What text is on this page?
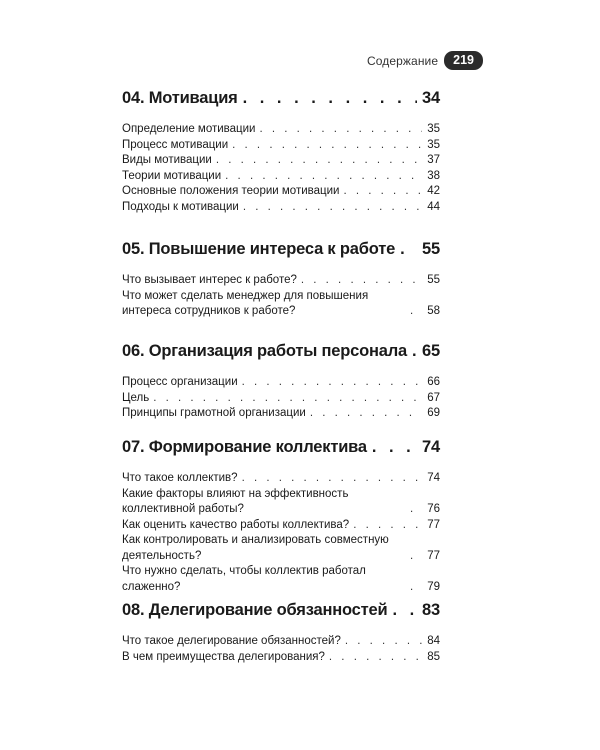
Содержание	219
04. Мотивация . . .	34
Определение мотивации . . .	35
Процесс мотивации . . .	35
Виды мотивации . . .	37
Теории мотивации . . .	38
Основные положения теории мотивации . . .	42
Подходы к мотивации . . .	44
05. Повышение интереса к работе . . . 55
Что вызывает интерес к работе? . . .	55
Что может сделать менеджер для повышения интереса сотрудников к работе? . . .	58
06. Организация работы персонала . . . 65
Процесс организации . . .	66
Цель . . .	67
Принципы грамотной организации . . .	69
07. Формирование коллектива . . .	74
Что такое коллектив? . . .	74
Какие факторы влияют на эффективность коллективной работы? . . .	76
Как оценить качество работы коллектива? . . .	77
Как контролировать и анализировать совместную деятельность? . . .	77
Что нужно сделать, чтобы коллектив работал слаженно? . . .	79
08. Делегирование обязанностей . . . 83
Что такое делегирование обязанностей? . . .	84
В чем преимущества делегирования? . . .	85
